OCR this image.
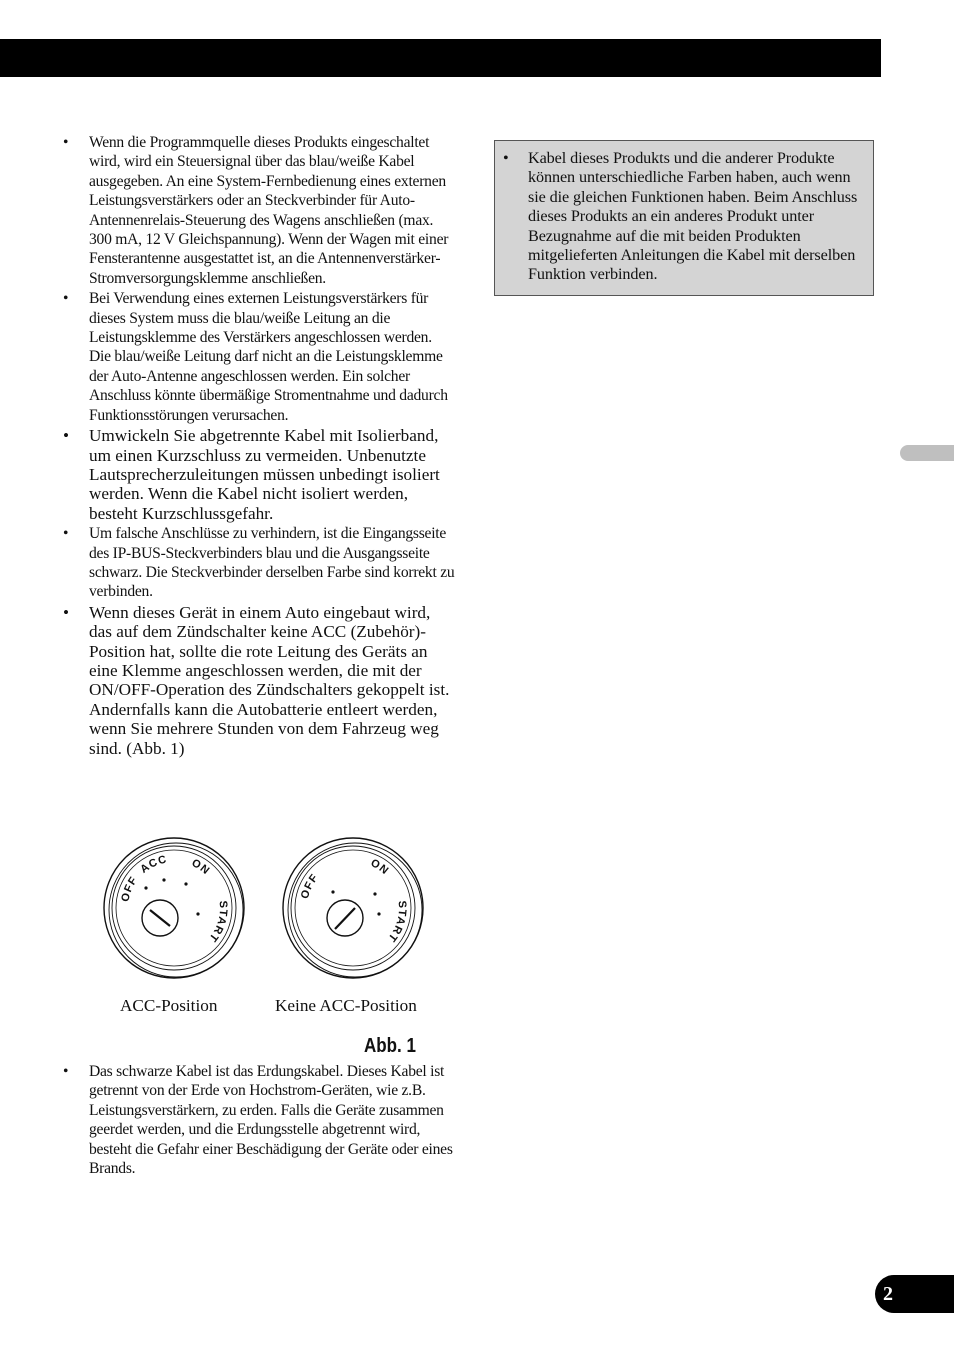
• Wenn die Programmquelle dieses Produkts eingeschaltet wird, wird ein Steuersignal über das blau/weiße Kabel ausgegeben. An eine System-Fernbedienung eines externen Leistungsverstärkers oder an Steckverbinder für Auto-Antennenrelais-Steuerung des Wagens anschließen (max. 300 mA, 12 V Gleichspannung). Wenn der Wagen mit einer Fensterantenne ausgestattet ist, an die Antennenverstärker-Stromversorgungsklemme anschließen.

• Bei Verwendung eines externen Leistungsverstärkers für dieses System muss die blau/weiße Leitung an die Leistungsklemme des Verstärkers angeschlossen werden. Die blau/weiße Leitung darf nicht an die Leistungsklemme der Auto-Antenne angeschlossen werden. Ein solcher Anschluss könnte übermäßige Stromentnahme und dadurch Funktionsstörungen verursachen.

• Umwickeln Sie abgetrennte Kabel mit Isolierband, um einen Kurzschluss zu vermeiden. Unbenutzte Lautsprecherzuleitungen müssen unbedingt isoliert werden. Wenn die Kabel nicht isoliert werden, besteht Kurzschlussgefahr.

• Um falsche Anschlüsse zu verhindern, ist die Eingangsseite des IP-BUS-Steckverbinders blau und die Ausgangsseite schwarz. Die Steckverbinder derselben Farbe sind korrekt zu verbinden.

• Wenn dieses Gerät in einem Auto eingebaut wird, das auf dem Zündschalter keine ACC (Zubehör)-Position hat, sollte die rote Leitung des Geräts an eine Klemme angeschlossen werden, die mit der ON/OFF-Operation des Zündschalters gekoppelt ist. Andernfalls kann die Autobatterie entleert werden, wenn Sie mehrere Stunden von dem Fahrzeug weg sind. (Abb. 1)

OFF
ACC ON
START
OFF
ON
START
ACC-Position	Keine ACC-Position
Abb. 1

• Das schwarze Kabel ist das Erdungskabel. Dieses Kabel ist getrennt von der Erde von Hochstrom-Geräten, wie z.B. Leistungsverstärkern, zu erden. Falls die Geräte zusammen geerdet werden, und die Erdungsstelle abgetrennt wird, besteht die Gefahr einer Beschädigung der Geräte oder eines Brands.

• Kabel dieses Produkts und die anderer Produkte können unterschiedliche Farben haben, auch wenn sie die gleichen Funktionen haben. Beim Anschluss dieses Produkts an ein anderes Produkt unter Bezugnahme auf die mit beiden Produkten mitgelieferten Anleitungen die Kabel mit derselben Funktion verbinden.

2
